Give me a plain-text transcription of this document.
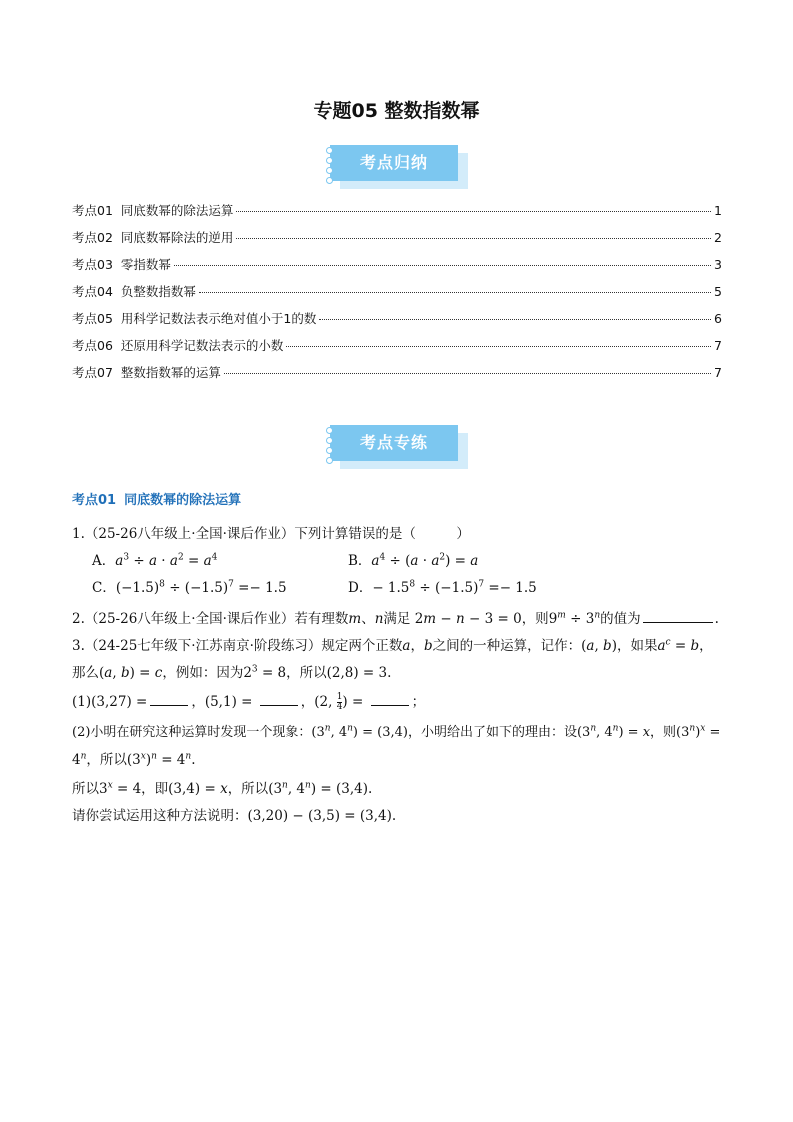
专题05 整数指数幂
考点归纳
考点01 同底数幂的除法运算	1
考点02 同底数幂除法的逆用	2
考点03 零指数幂	3
考点04 负整数指数幂	5
考点05 用科学记数法表示绝对值小于1的数	6
考点06 还原用科学记数法表示的小数	7
考点07 整数指数幂的运算	7
考点专练
考点01 同底数幂的除法运算
1.（25-26八年级上·全国·课后作业）下列计算错误的是（　　　）
A．$a^3 \div a \cdot a^2 = a^4$	B．$a^4 \div (a \cdot a^2) = a$
C．$(-1.5)^8 \div (-1.5)^7 =- 1.5$	D．− $1.5^8 \div (-1.5)^7 =- 1.5$
2.（25-26八年级上·全国·课后作业）若有理数m、n满足 2m − n − 3 = 0，则$9^m \div 3^n$的值为	.
3.（24-25七年级下·江苏南京·阶段练习）规定两个正数a，b之间的一种运算，记作：(a, b)，如果$a^c = b$，
那么(a, b) = c，例如：因为$2^3 = 8$，所以(2,8) = 3.
(1)(3,27) =	，(5,1) =	，(2, $\frac{1}{4}$ ) =	；
(2)小明在研究这种运算时发现一个现象：(3$^n$, $4^n) = (3,4)$，小明给出了如下的理由：设(3$^n$, $4^n) = x$，则$(3^n)^x$ =
$4^n$，所以$(3^x)^n = 4^n$.
所以$3^x = 4$，即(3,4) = x，所以(3$^n$, $4^n) = (3,4)$.
请你尝试运用这种方法说明：(3,20) − (3,5) = (3,4).
